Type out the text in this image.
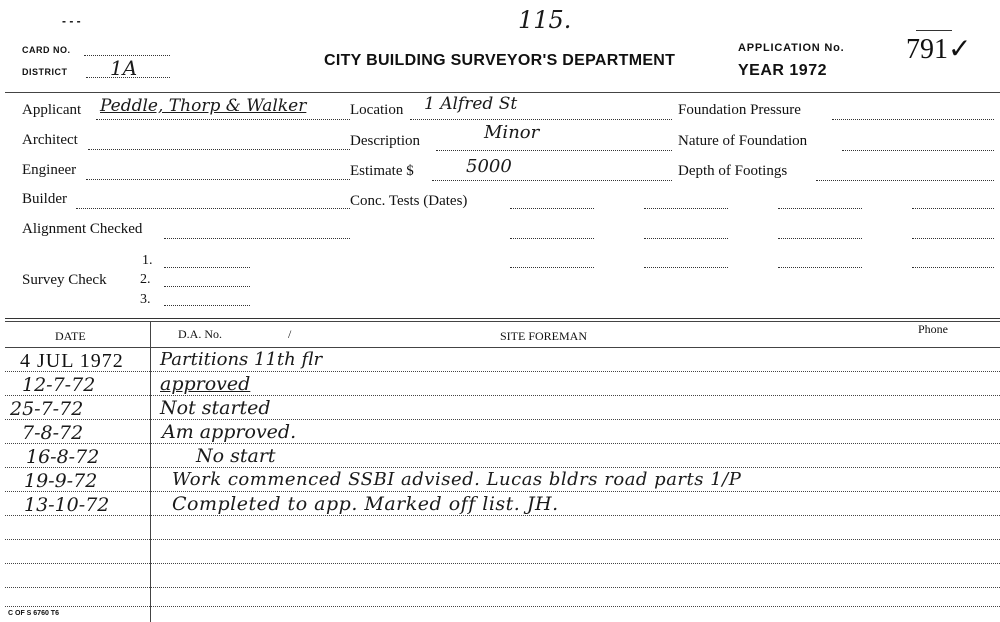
- - -	115.
CARD NO.
DISTRICT 1A	CITY BUILDING SURVEYOR'S DEPARTMENT
APPLICATION No. 791✓
YEAR 1972
Applicant Peddle, Thorp & Walker	Location 1 Alfred St	Foundation Pressure
Architect	Description	Minor	Nature of Foundation
Engineer	Estimate $	5000	Depth of Footings
Builder	Conc. Tests (Dates)
Alignment Checked
Survey Check
1.
2.
3.
DATE	D.A. No.	/	SITE FOREMAN	Phone
4 JUL 1972 Partitions 11th flr
12-7-72	approved
25-7-72	Not started
7-8-72	Am approved.
16-8-72	No start
19-9-72	Work commenced SSBI advised. Lucas bldrs road parts 1/P
13-10-72	Completed to app. Marked off list. JH.
C OF S 6760 T6
